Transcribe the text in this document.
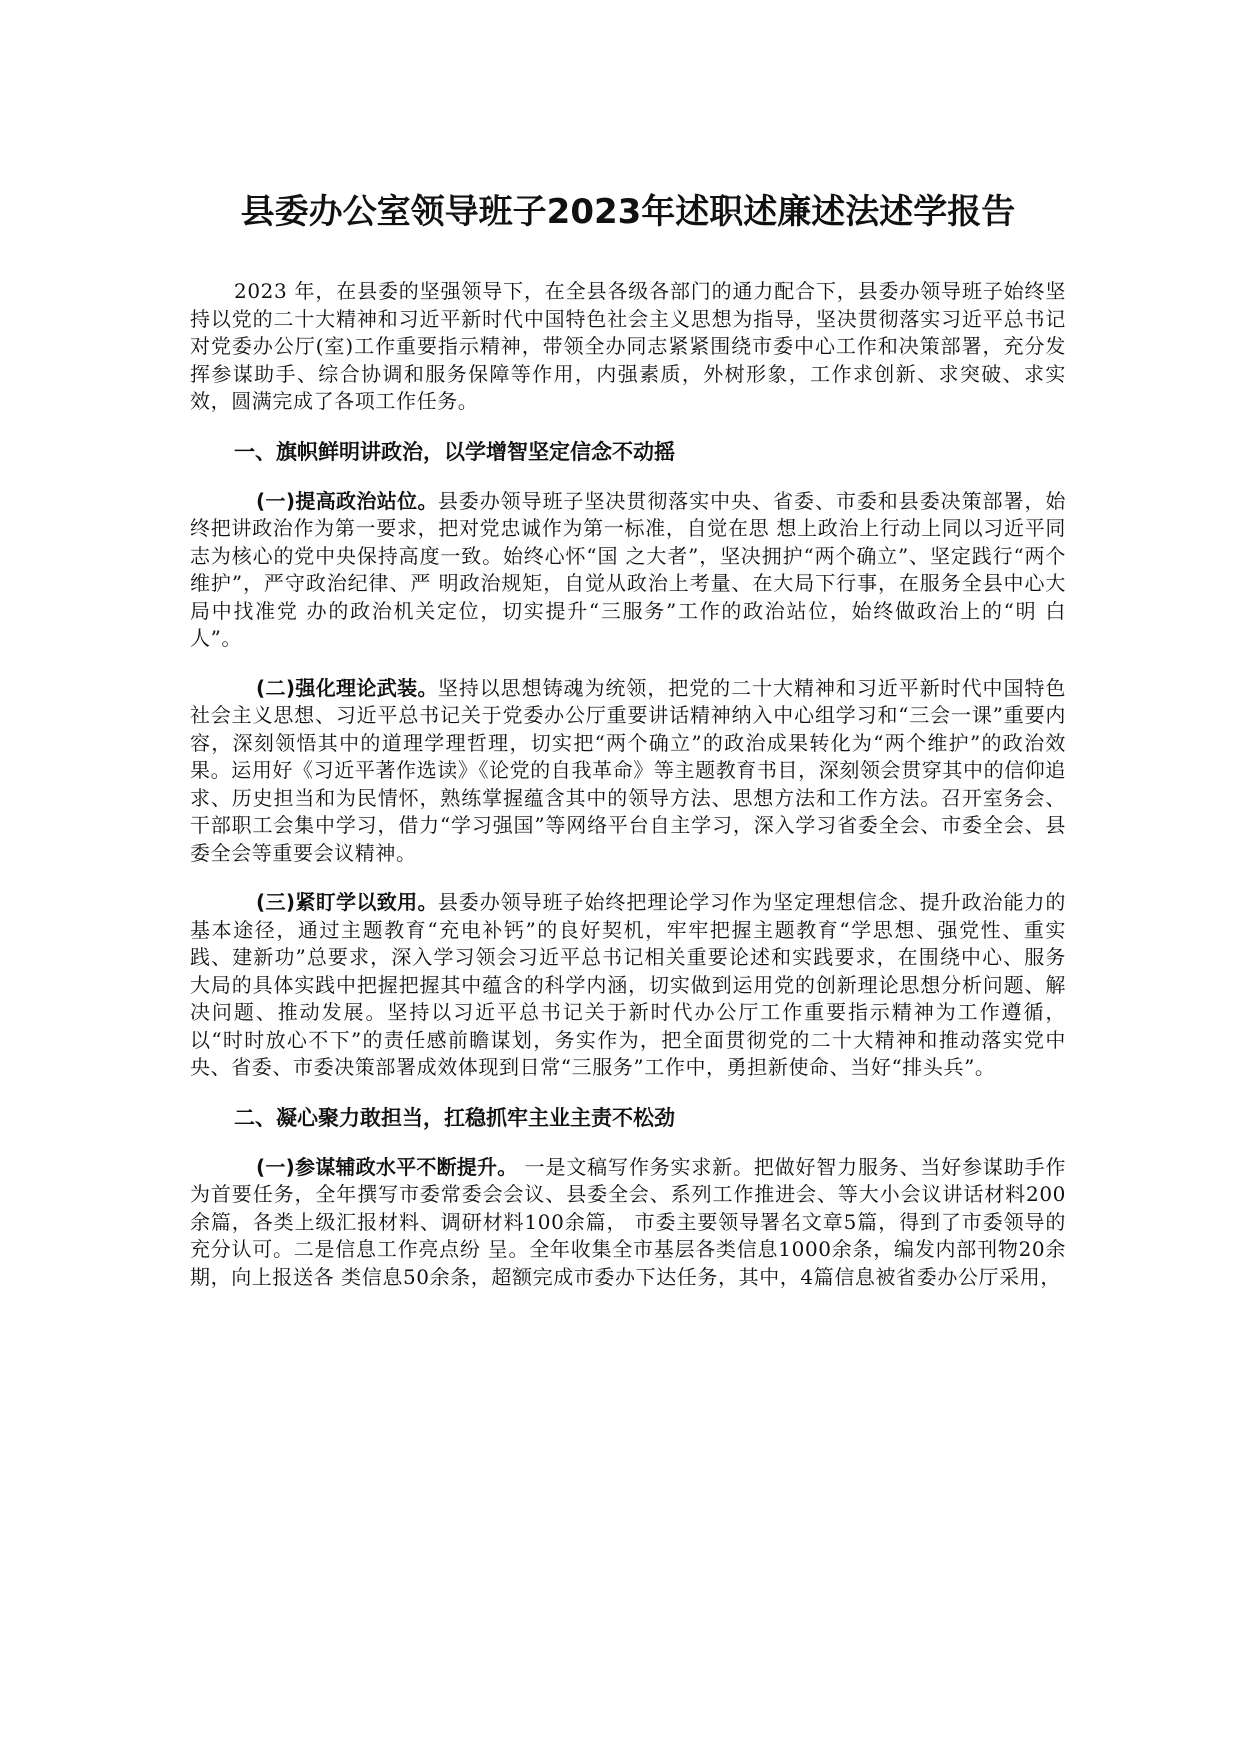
县委办公室领导班子2023年述职述廉述法述学报告

2023 年，在县委的坚强领导下，在全县各级各部门的通力配合下，县委办领导班子始终坚持以党的二十大精神和习近平新时代中国特色社会主义思想为指导，坚决贯彻落实习近平总书记对党委办公厅(室)工作重要指示精神，带领全办同志紧紧围绕市委中心工作和决策部署，充分发挥参谋助手、综合协调和服务保障等作用，内强素质，外树形象，工作求创新、求突破、求实效，圆满完成了各项工作任务。

一、旗帜鲜明讲政治，以学增智坚定信念不动摇

(一)提高政治站位。县委办领导班子坚决贯彻落实中央、省委、市委和县委决策部署，始终把讲政治作为第一要求，把对党忠诚作为第一标准，自觉在思 想上政治上行动上同以习近平同志为核心的党中央保持高度一致。始终心怀“国 之大者”，坚决拥护“两个确立”、坚定践行“两个维护”，严守政治纪律、严 明政治规矩，自觉从政治上考量、在大局下行事，在服务全县中心大局中找准党 办的政治机关定位，切实提升“三服务”工作的政治站位，始终做政治上的“明 白人”。

(二)强化理论武装。坚持以思想铸魂为统领，把党的二十大精神和习近平新时代中国特色社会主义思想、习近平总书记关于党委办公厅重要讲话精神纳入中心组学习和“三会一课”重要内容，深刻领悟其中的道理学理哲理，切实把“两个确立”的政治成果转化为“两个维护”的政治效果。运用好《习近平著作选读》《论党的自我革命》等主题教育书目，深刻领会贯穿其中的信仰追求、历史担当和为民情怀，熟练掌握蕴含其中的领导方法、思想方法和工作方法。召开室务会、干部职工会集中学习，借力“学习强国”等网络平台自主学习，深入学习省委全会、市委全会、县委全会等重要会议精神。

(三)紧盯学以致用。县委办领导班子始终把理论学习作为坚定理想信念、提升政治能力的基本途径，通过主题教育“充电补钙”的良好契机，牢牢把握主题教育“学思想、强党性、重实践、建新功”总要求，深入学习领会习近平总书记相关重要论述和实践要求，在围绕中心、服务大局的具体实践中把握把握其中蕴含的科学内涵，切实做到运用党的创新理论思想分析问题、解决问题、推动发展。坚持以习近平总书记关于新时代办公厅工作重要指示精神为工作遵循，以“时时放心不下”的责任感前瞻谋划，务实作为，把全面贯彻党的二十大精神和推动落实党中央、省委、市委决策部署成效体现到日常“三服务”工作中，勇担新使命、当好“排头兵”。

二、凝心聚力敢担当，扛稳抓牢主业主责不松劲

(一)参谋辅政水平不断提升。 一是文稿写作务实求新。把做好智力服务、当好参谋助手作为首要任务，全年撰写市委常委会会议、县委全会、系列工作推进会、等大小会议讲话材料200余篇，各类上级汇报材料、调研材料100余篇， 市委主要领导署名文章5篇，得到了市委领导的充分认可。二是信息工作亮点纷 呈。全年收集全市基层各类信息1000余条，编发内部刊物20余期，向上报送各 类信息50余条，超额完成市委办下达任务，其中，4篇信息被省委办公厅采用，
